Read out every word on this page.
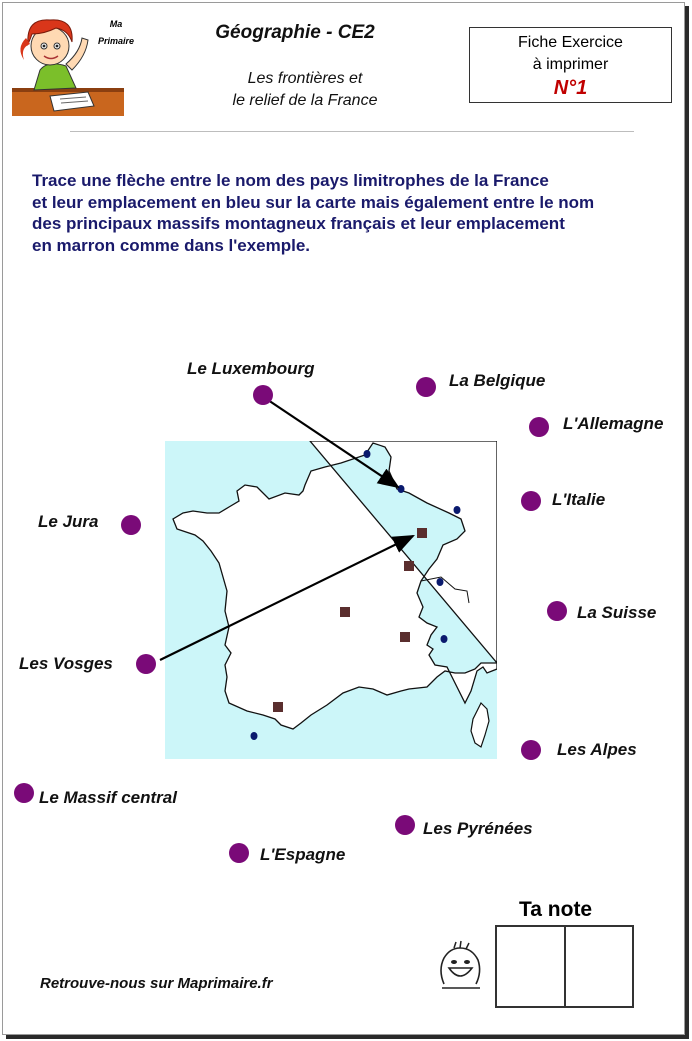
Ma
Primaire	Géographie - CE2
Les frontières et
le relief de la France
Fiche Exercice
à imprimer
N°1
Trace une flèche entre le nom des pays limitrophes de la France
et leur emplacement en bleu sur la carte mais également entre le nom
des principaux massifs montagneux français et leur emplacement
en marron comme dans l'exemple.
Le Luxembourg
La Belgique
L'Allemagne
L'Italie
Le Jura
La Suisse
Les Vosges
Les Alpes
Le Massif central
Les Pyrénées
L'Espagne
Ta note
Retrouve-nous sur Maprimaire.fr
